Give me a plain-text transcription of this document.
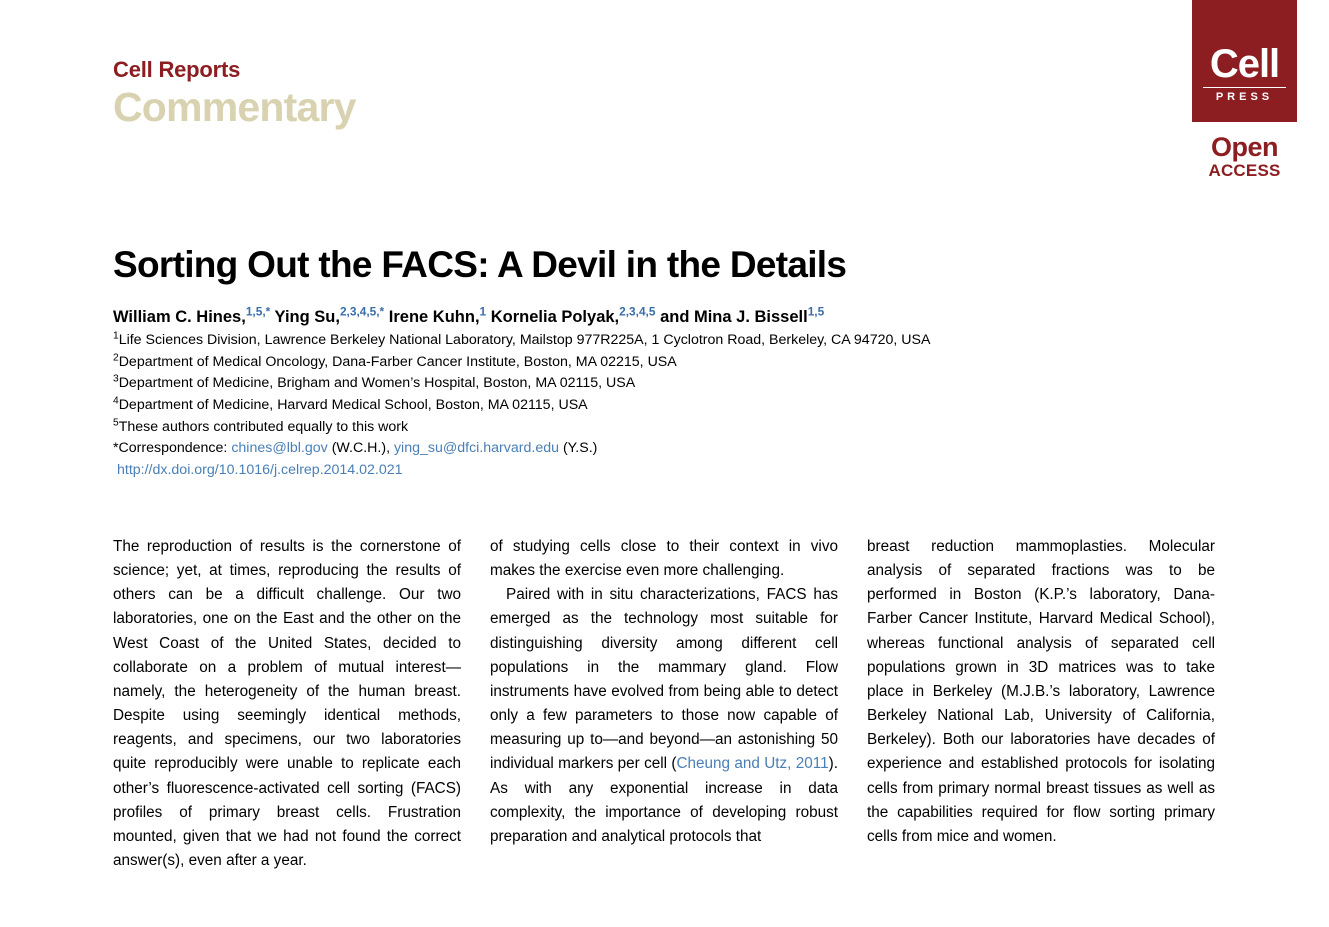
Cell Reports
Commentary
Cell
PRESS
Open
ACCESS
Sorting Out the FACS: A Devil in the Details
William C. Hines,$^{1,5,*}$ Ying Su,$^{2,3,4,5,*}$ Irene Kuhn,$^1$ Kornelia Polyak,$^{2,3,4,5}$ and Mina J. Bissell$^{1,5}$
$^1$Life Sciences Division, Lawrence Berkeley National Laboratory, Mailstop 977R225A, 1 Cyclotron Road, Berkeley, CA 94720, USA
$^2$Department of Medical Oncology, Dana-Farber Cancer Institute, Boston, MA 02215, USA
$^3$Department of Medicine, Brigham and Women’s Hospital, Boston, MA 02115, USA
$^4$Department of Medicine, Harvard Medical School, Boston, MA 02115, USA
$^5$These authors contributed equally to this work
*Correspondence: chines@lbl.gov (W.C.H.), ying_su@dfci.harvard.edu (Y.S.)
http://dx.doi.org/10.1016/j.celrep.2014.02.021

The reproduction of results is the cornerstone of science; yet, at times, reproducing the results of others can be a difficult challenge. Our two laboratories, one on the East and the other on the West Coast of the United States, decided to collaborate on a problem of mutual interest—namely, the heterogeneity of the human breast. Despite using seemingly identical methods, reagents, and specimens, our two laboratories quite reproducibly were unable to replicate each other’s fluorescence-activated cell sorting (FACS) profiles of primary breast cells. Frustration mounted, given that we had not found the correct answer(s), even after a year.

of studying cells close to their context in vivo makes the exercise even more challenging.

Paired with in situ characterizations, FACS has emerged as the technology most suitable for distinguishing diversity among different cell populations in the mammary gland. Flow instruments have evolved from being able to detect only a few parameters to those now capable of measuring up to—and beyond—an astonishing 50 individual markers per cell (Cheung and Utz, 2011). As with any exponential increase in data complexity, the importance of developing robust preparation and analytical protocols that

breast reduction mammoplasties. Molecular analysis of separated fractions was to be performed in Boston (K.P.’s laboratory, Dana-Farber Cancer Institute, Harvard Medical School), whereas functional analysis of separated cell populations grown in 3D matrices was to take place in Berkeley (M.J.B.’s laboratory, Lawrence Berkeley National Lab, University of California, Berkeley). Both our laboratories have decades of experience and established protocols for isolating cells from primary normal breast tissues as well as the capabilities required for flow sorting primary cells from mice and women.
